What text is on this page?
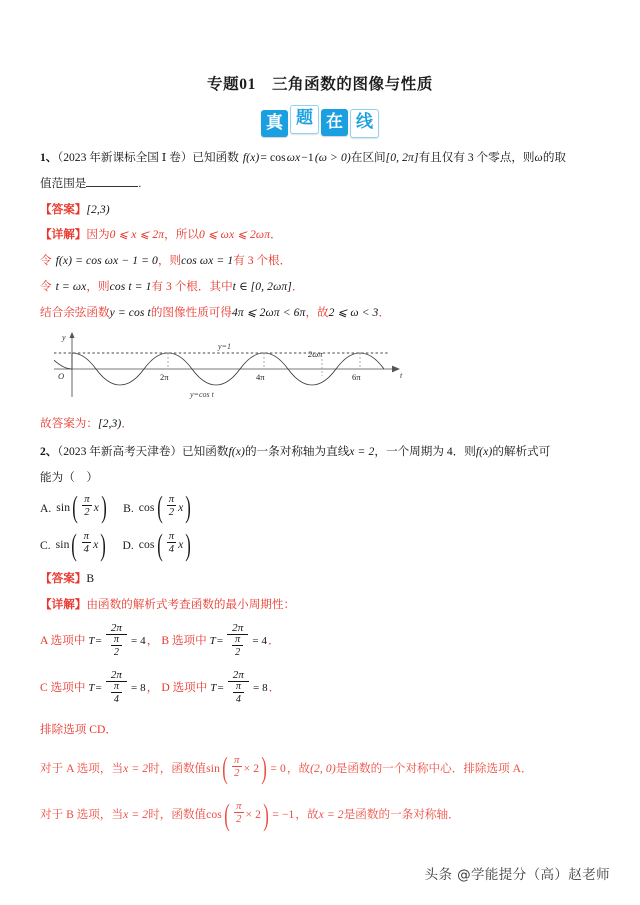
专题01 三角函数的图像与性质
真 题 在 线

1、（2023 年新课标全国 Ⅰ 卷）已知函数 f(x)= cosωx−1(ω > 0)在区间[0, 2π]有且仅有 3 个零点，则ω的取

值范围是	.

【答案】[2,3)

【详解】因为0 ⩽ x ⩽ 2π，所以0 ⩽ ωx ⩽ 2ωπ．

令 f(x) = cos ωx − 1 = 0，则cos ωx = 1有 3 个根．

令 t = ωx，则cos t = 1有 3 个根．其中t ∈ [0, 2ωπ]．

结合余弦函数y = cos t的图像性质可得4π ⩽ 2ωπ < 6π，故2 ⩽ ω < 3．

y
O	t
y=1
y=cos t
2π	4π	6π
2ωπ

故答案为：[2,3)．

2、（2023 年新高考天津卷）已知函数f(x)的一条对称轴为直线x = 2，一个周期为 4．则f(x)的解析式可

能为（　）

A. $\sin( \frac{\pi}{2} x)$ B. $\cos( \frac{\pi}{2} x)$
C. $\sin( \frac{\pi}{4} x)$ D. $\cos( \frac{\pi}{4} x)$

【答案】B

【详解】由函数的解析式考查函数的最小周期性：

A 选项中 $T = \frac{2\pi}{\frac{\pi}{2}} = 4$ ， B 选项中 $T = \frac{2\pi}{\frac{\pi}{2}} = 4$ ．

C 选项中 $T = \frac{2\pi}{\frac{\pi}{4}} = 8$ ， D 选项中 $T = \frac{2\pi}{\frac{\pi}{4}} = 8$ ．

排除选项 CD．

对于 A 选项，当x = 2时，函数值$\sin( \frac{\pi}{2} \times 2) = 0$，故(2, 0)是函数的一个对称中心．排除选项 A．

对于 B 选项，当x = 2时，函数值$\cos( \frac{\pi}{2} \times 2) = -1$，故x = 2是函数的一条对称轴．

头条 @学能提分（高）赵老师
